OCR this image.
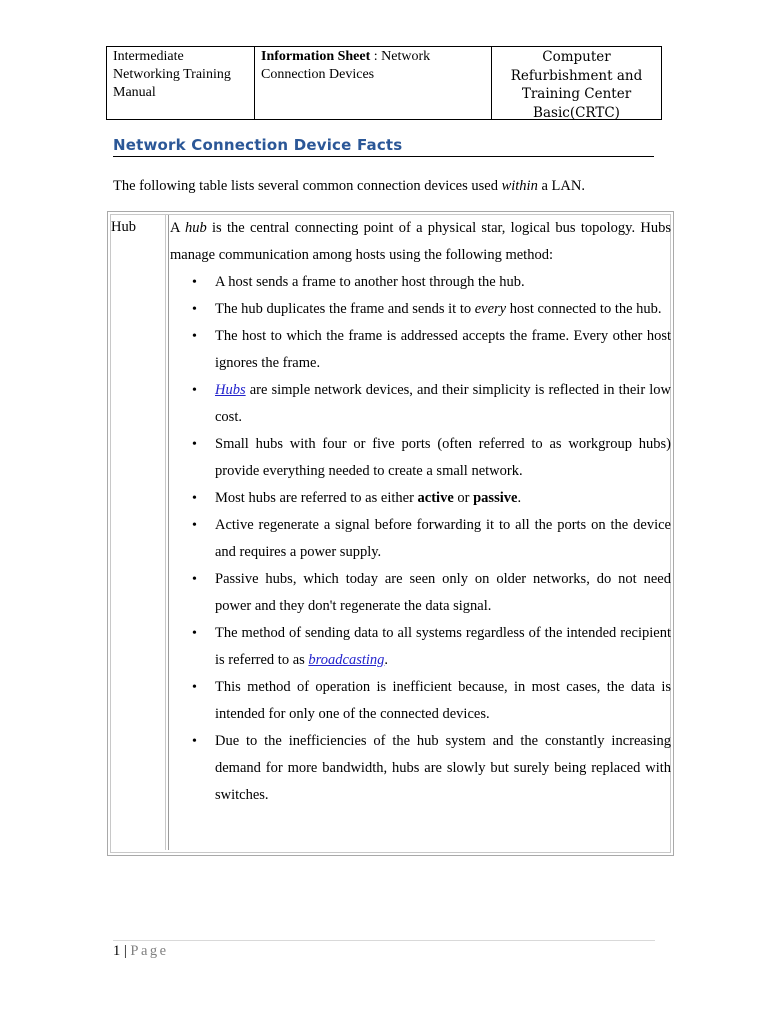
Intermediate Networking Training Manual
Information Sheet : Network Connection Devices
Computer Refurbishment and Training Center Basic(CRTC)
Network Connection Device Facts
The following table lists several common connection devices used within a LAN.
Hub A hub is the central connecting point of a physical star, logical bus topology. Hubs manage communication among hosts using the following method:

• A host sends a frame to another host through the hub.
• The hub duplicates the frame and sends it to every host connected to the hub.
• The host to which the frame is addressed accepts the frame. Every other host ignores the frame.
• Hubs are simple network devices, and their simplicity is reflected in their low cost.
• Small hubs with four or five ports (often referred to as workgroup hubs) provide everything needed to create a small network.
• Most hubs are referred to as either active or passive.
• Active regenerate a signal before forwarding it to all the ports on the device and requires a power supply.
• Passive hubs, which today are seen only on older networks, do not need power and they don't regenerate the data signal.
• The method of sending data to all systems regardless of the intended recipient is referred to as broadcasting.
• This method of operation is inefficient because, in most cases, the data is intended for only one of the connected devices.
• Due to the inefficiencies of the hub system and the constantly increasing demand for more bandwidth, hubs are slowly but surely being replaced with switches.
1 | Page
